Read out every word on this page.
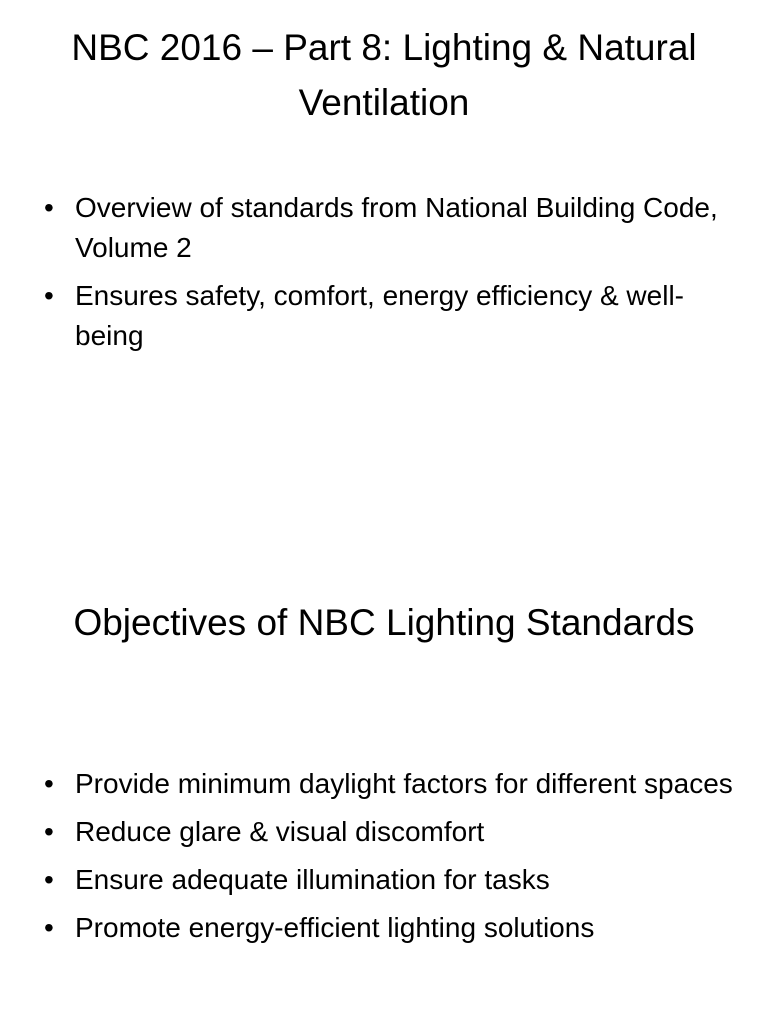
NBC 2016 – Part 8: Lighting & Natural Ventilation
• Overview of standards from National Building Code, Volume 2
• Ensures safety, comfort, energy efficiency & well-being
Objectives of NBC Lighting Standards
• Provide minimum daylight factors for different spaces
• Reduce glare & visual discomfort
• Ensure adequate illumination for tasks
• Promote energy-efficient lighting solutions
